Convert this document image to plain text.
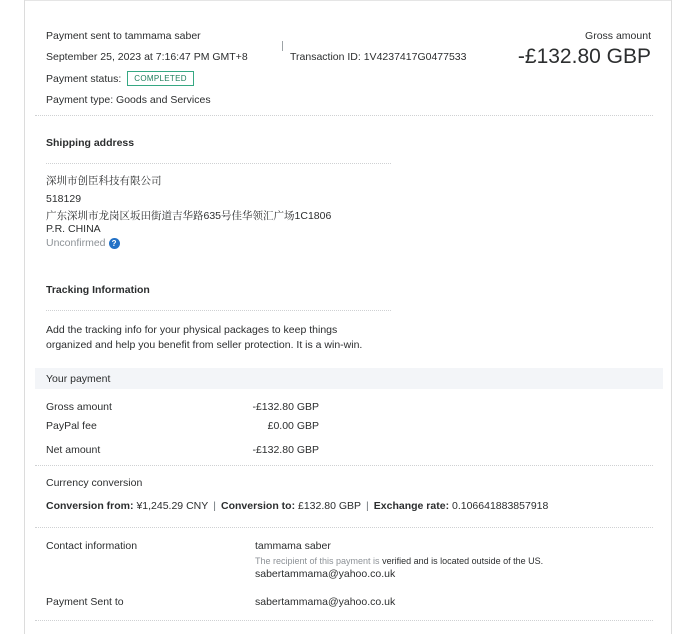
Payment sent to tammama saber
September 25, 2023 at 7:16:47 PM GMT+8	Transaction ID: 1V4237417G0477533
Payment status: COMPLETED
Payment type: Goods and Services
Gross amount
-£132.80 GBP
Shipping address
深圳市创臣科技有限公司
518129
广东深圳市龙岗区坂田街道吉华路635号佳华领汇广场1C1806
P.R. CHINA
Unconfirmed ?
Tracking Information
Add the tracking info for your physical packages to keep things
organized and help you benefit from seller protection. It is a win-win.
Your payment
Gross amount	-£132.80 GBP
PayPal fee	£0.00 GBP
Net amount	-£132.80 GBP
Currency conversion
Conversion from: ¥1,245.29 CNY | Conversion to: £132.80 GBP | Exchange rate: 0.106641883857918
Contact information	tammama saber
The recipient of this payment is verified and is located outside of the US.
sabertammama@yahoo.co.uk
Payment Sent to	sabertammama@yahoo.co.uk
